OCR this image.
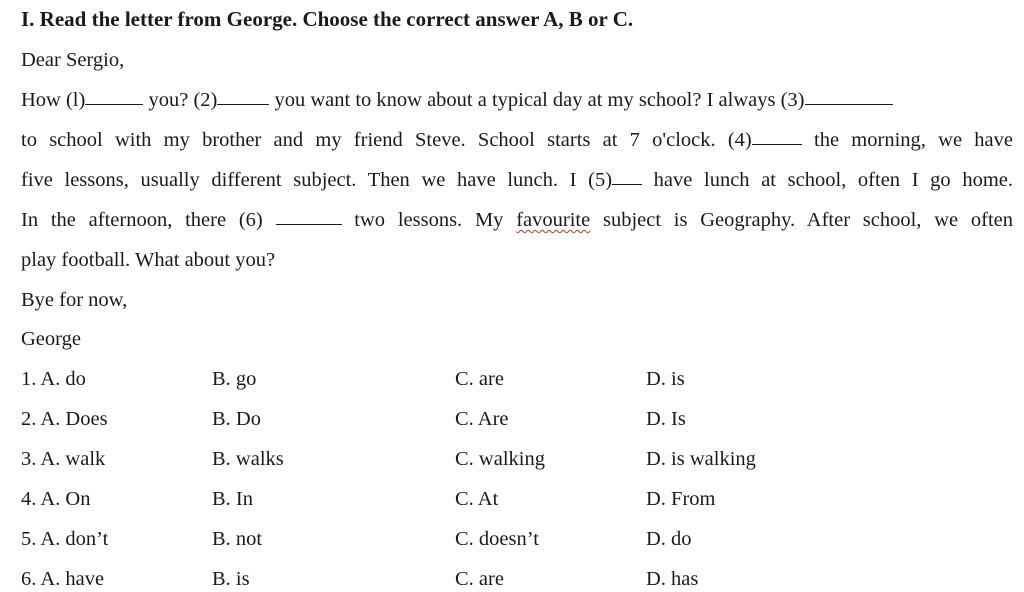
I. Read the letter from George. Choose the correct answer A, B or C.
Dear Sergio,
How (l)	you? (2)	you want to know about a typical day at my school? I always (3)
to school with my brother and my friend Steve. School starts at 7 o'clock. (4) the morning, we have
five lessons, usually different subject. Then we have lunch. I (5) have lunch at school, often I go home.
In the afternoon, there (6)	two lessons. My favourite subject is Geography. After school, we often
play football. What about you?
Bye for now,
George
1. A. do	B. go	C. are	D. is
2. A. Does	B. Do	C. Are	D. Is
3. A. walk	B. walks	C. walking	D. is walking
4. A. On	B. In	C. At	D. From
5. A. don’t	B. not	C. doesn’t	D. do
6. A. have	B. is	C. are	D. has
